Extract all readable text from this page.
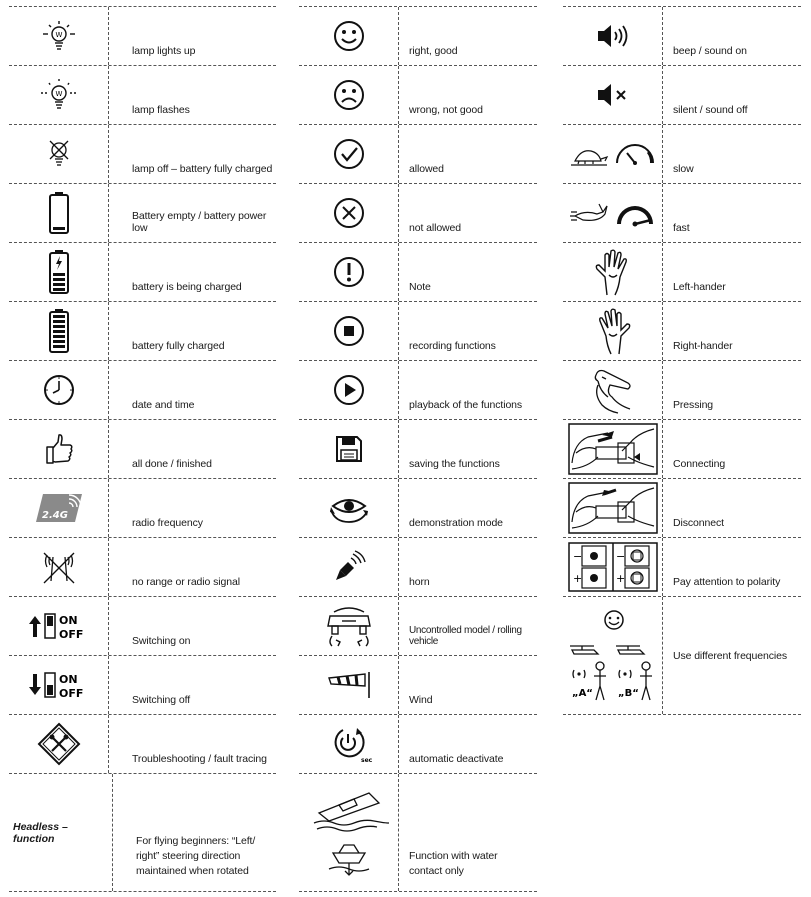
W
lamp lights up
W
lamp flashes
lamp off – battery fully charged
Battery empty / battery power low
battery is being charged
battery fully charged
date and time
all done / finished
2.4G
radio frequency
no range or radio signal
ON
OFF	Switching on
ON
OFF	Switching off
Troubleshooting / fault tracing
Headless – function	For flying beginners: “Left/
right” steering direction
maintained when rotated
right, good
wrong, not good
allowed
not allowed
Note
recording functions
playback of the functions
saving the functions
demonstration mode
horn
Uncontrolled model / rolling vehicle
Wind
sec	automatic deactivate
Function with water
contact only
beep / sound on
silent / sound off
slow
fast
Left-hander
Right-hander
Pressing
Connecting
Disconnect
−
+
−
+	Pay attention to polarity
„A“	„B“
Use different frequencies
